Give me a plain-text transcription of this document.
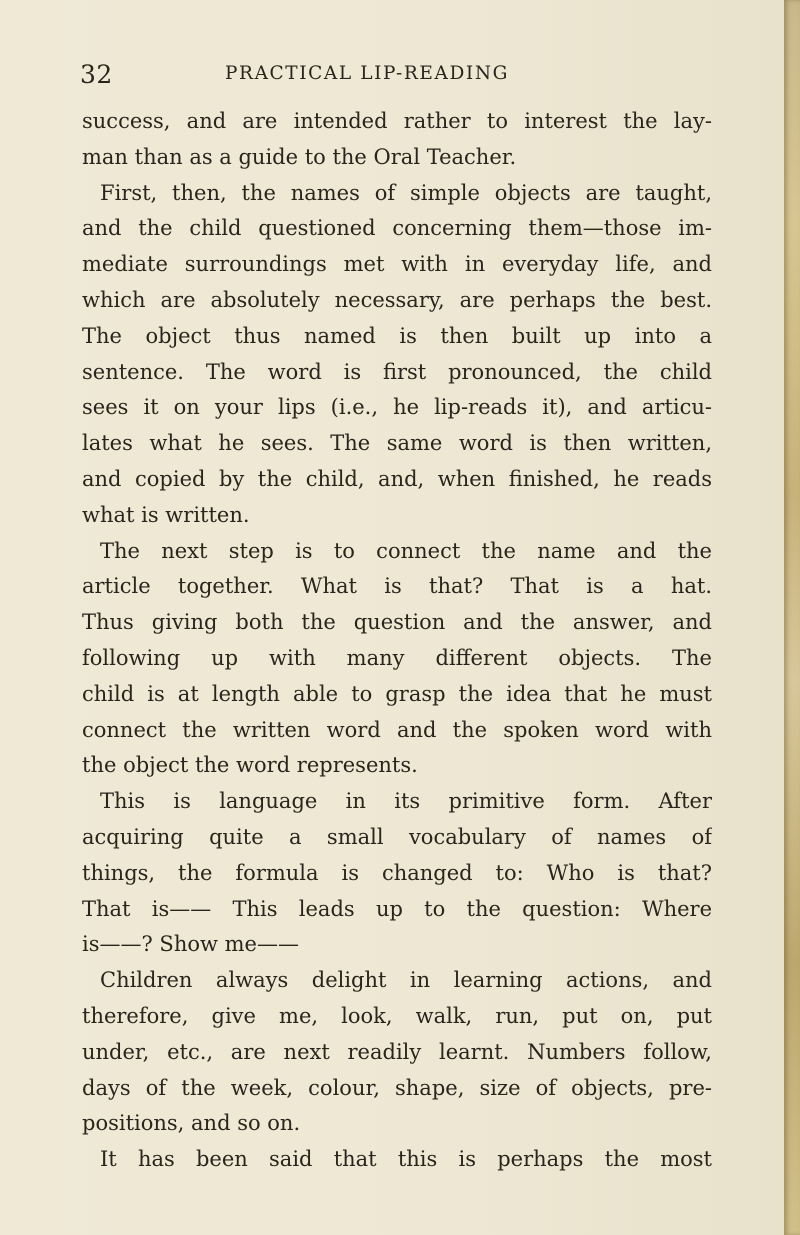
32	PRACTICAL LIP-READING
success, and are intended rather to interest the lay-
man than as a guide to the Oral Teacher.
First, then, the names of simple objects are taught,
and the child questioned concerning them—those im-
mediate surroundings met with in everyday life, and
which are absolutely necessary, are perhaps the best.
The object thus named is then built up into a
sentence. The word is first pronounced, the child
sees it on your lips (i.e., he lip-reads it), and articu-
lates what he sees. The same word is then written,
and copied by the child, and, when finished, he reads
what is written.
The next step is to connect the name and the
article together. What is that? That is a hat.
Thus giving both the question and the answer, and
following up with many different objects. The
child is at length able to grasp the idea that he must
connect the written word and the spoken word with
the object the word represents.
This is language in its primitive form. After
acquiring quite a small vocabulary of names of
things, the formula is changed to: Who is that?
That is—— This leads up to the question: Where
is——? Show me——
Children always delight in learning actions, and
therefore, give me, look, walk, run, put on, put
under, etc., are next readily learnt. Numbers follow,
days of the week, colour, shape, size of objects, pre-
positions, and so on.
It has been said that this is perhaps the most
